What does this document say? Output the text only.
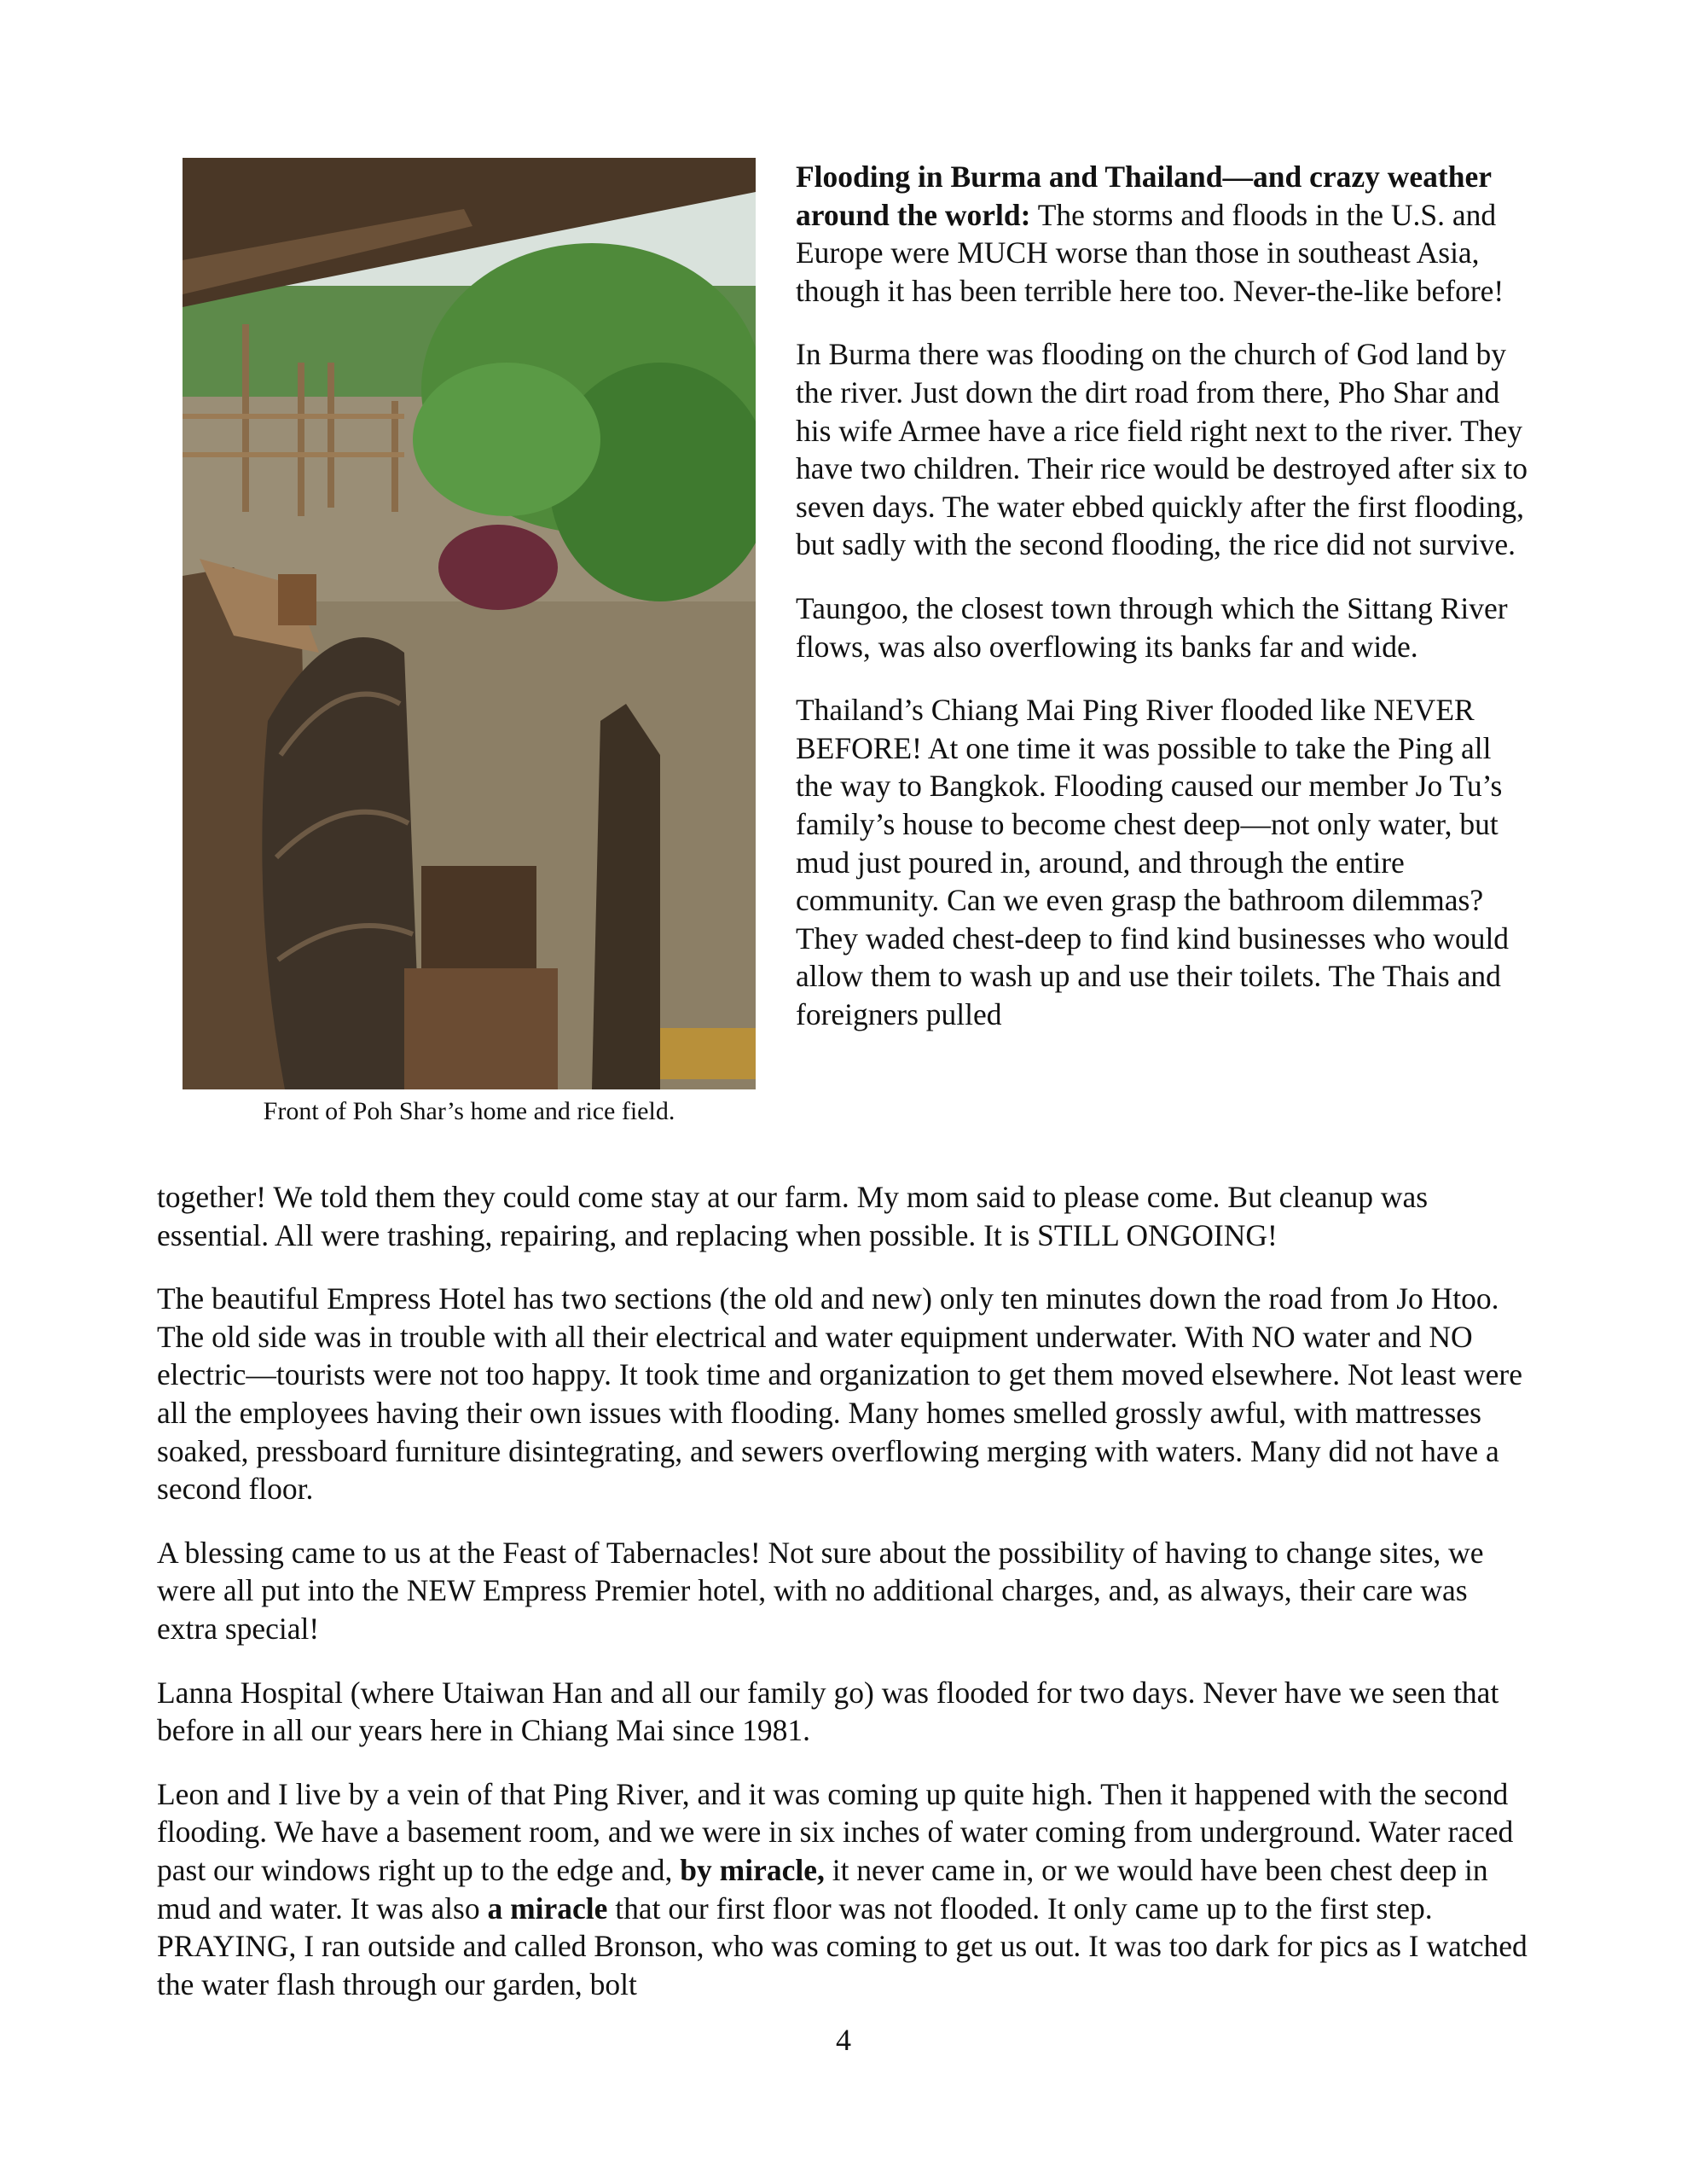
Front of Poh Shar’s home and rice field.

Flooding in Burma and Thailand—and crazy weather around the world: The storms and floods in the U.S. and Europe were MUCH worse than those in southeast Asia, though it has been terrible here too. Never-the-like before!

In Burma there was flooding on the church of God land by the river. Just down the dirt road from there, Pho Shar and his wife Armee have a rice field right next to the river. They have two children. Their rice would be destroyed after six to seven days. The water ebbed quickly after the first flooding, but sadly with the second flooding, the rice did not survive.

Taungoo, the closest town through which the Sittang River flows, was also overflowing its banks far and wide.

Thailand’s Chiang Mai Ping River flooded like NEVER BEFORE! At one time it was possible to take the Ping all the way to Bangkok. Flooding caused our member Jo Tu’s family’s house to become chest deep—not only water, but mud just poured in, around, and through the entire community. Can we even grasp the bathroom dilemmas? They waded chest-deep to find kind businesses who would allow them to wash up and use their toilets. The Thais and foreigners pulled

together! We told them they could come stay at our farm. My mom said to please come. But cleanup was essential. All were trashing, repairing, and replacing when possible. It is STILL ONGOING!

The beautiful Empress Hotel has two sections (the old and new) only ten minutes down the road from Jo Htoo. The old side was in trouble with all their electrical and water equipment underwater. With NO water and NO electric—tourists were not too happy. It took time and organization to get them moved elsewhere. Not least were all the employees having their own issues with flooding. Many homes smelled grossly awful, with mattresses soaked, pressboard furniture disintegrating, and sewers overflowing merging with waters. Many did not have a second floor.

A blessing came to us at the Feast of Tabernacles! Not sure about the possibility of having to change sites, we were all put into the NEW Empress Premier hotel, with no additional charges, and, as always, their care was extra special!

Lanna Hospital (where Utaiwan Han and all our family go) was flooded for two days. Never have we seen that before in all our years here in Chiang Mai since 1981.

Leon and I live by a vein of that Ping River, and it was coming up quite high. Then it happened with the second flooding. We have a basement room, and we were in six inches of water coming from underground. Water raced past our windows right up to the edge and, by miracle, it never came in, or we would have been chest deep in mud and water. It was also a miracle that our first floor was not flooded. It only came up to the first step. PRAYING, I ran outside and called Bronson, who was coming to get us out. It was too dark for pics as I watched the water flash through our garden, bolt

4
